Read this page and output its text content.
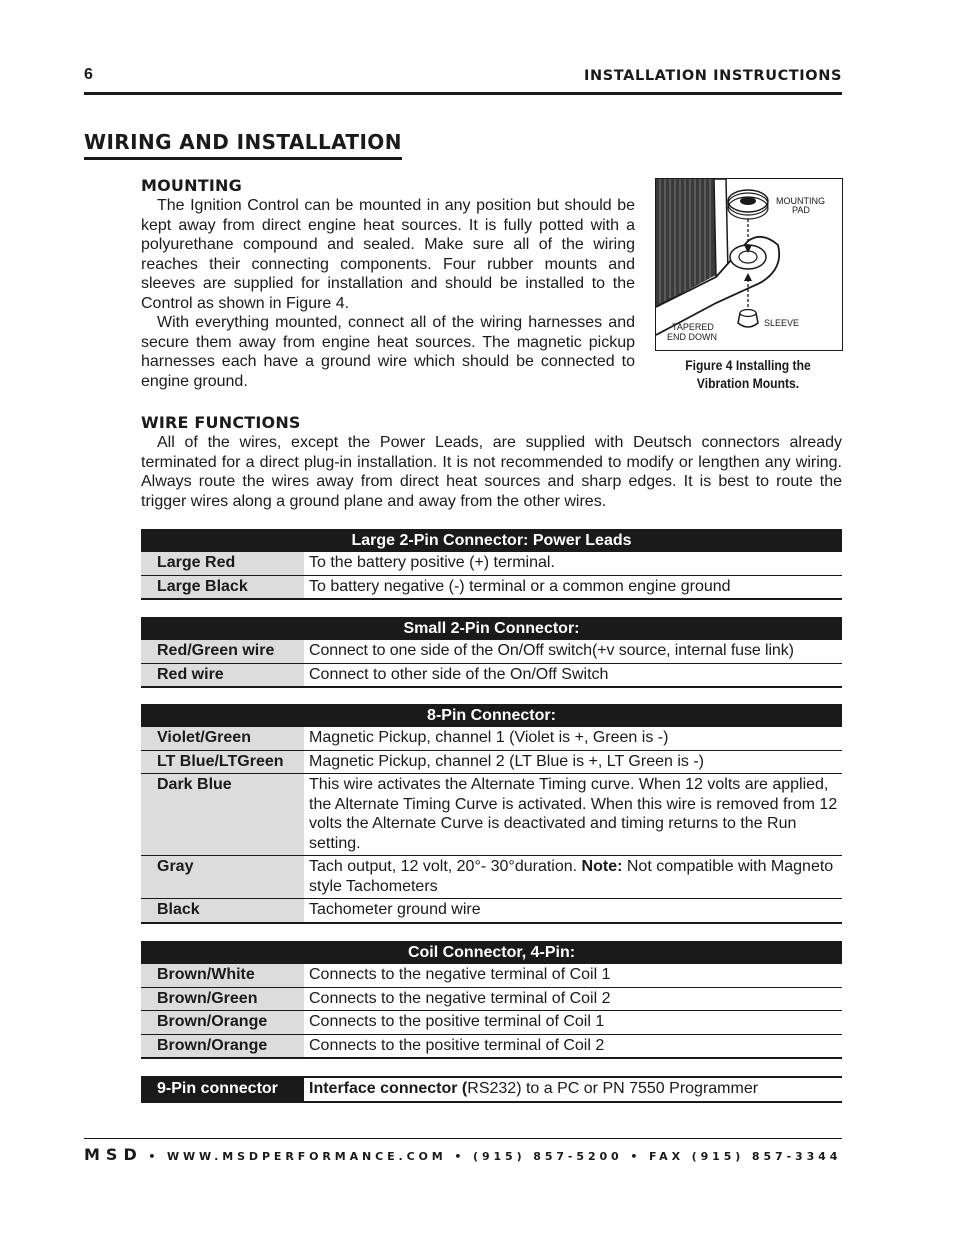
6	INSTALLATION INSTRUCTIONS
WIRING AND INSTALLATION
MOUNTING

The Ignition Control can be mounted in any position but should be kept away from direct engine heat sources. It is fully potted with a polyurethane compound and sealed. Make sure all of the wiring reaches their connecting components. Four rubber mounts and sleeves are supplied for installation and should be installed to the Control as shown in Figure 4.

With everything mounted, connect all of the wiring harnesses and secure them away from engine heat sources. The magnetic pickup harnesses each have a ground wire which should be connected to engine ground.

MOUNTING
PAD
SLEEVE
TAPERED
END DOWN
Figure 4 Installing the
Vibration Mounts.
WIRE FUNCTIONS

All of the wires, except the Power Leads, are supplied with Deutsch connectors already terminated for a direct plug-in installation. It is not recommended to modify or lengthen any wiring. Always route the wires away from direct heat sources and sharp edges. It is best to route the trigger wires along a ground plane and away from the other wires.

Large 2-Pin Connector: Power Leads	
Large Red	To the battery positive (+) terminal.
Large Black	To battery negative (-) terminal or a common engine ground
Small 2-Pin Connector:	
Red/Green wire	Connect to one side of the On/Off switch(+v source, internal fuse link)
Red wire	Connect to other side of the On/Off Switch
8-Pin Connector:	
Violet/Green	Magnetic Pickup, channel 1 (Violet is +, Green is -)
LT Blue/LTGreen	Magnetic Pickup, channel 2 (LT Blue is +, LT Green is -)
Dark Blue	This wire activates the Alternate Timing curve. When 12 volts are applied, the Alternate Timing Curve is activated. When this wire is removed from 12 volts the Alternate Curve is deactivated and timing returns to the Run setting.
Gray	Tach output, 12 volt, 20°- 30°duration. Note: Not compatible with Magneto style Tachometers
Black	Tachometer ground wire
Coil Connector, 4-Pin:	
Brown/White	Connects to the negative terminal of Coil 1
Brown/Green	Connects to the negative terminal of Coil 2
Brown/Orange	Connects to the positive terminal of Coil 1
Brown/Orange	Connects to the positive terminal of Coil 2
9-Pin connector	Interface connector (RS232) to a PC or PN 7550 Programmer
MSD • WWW.MSDPERFORMANCE.COM • (915) 857-5200 • FAX (915) 857-3344
